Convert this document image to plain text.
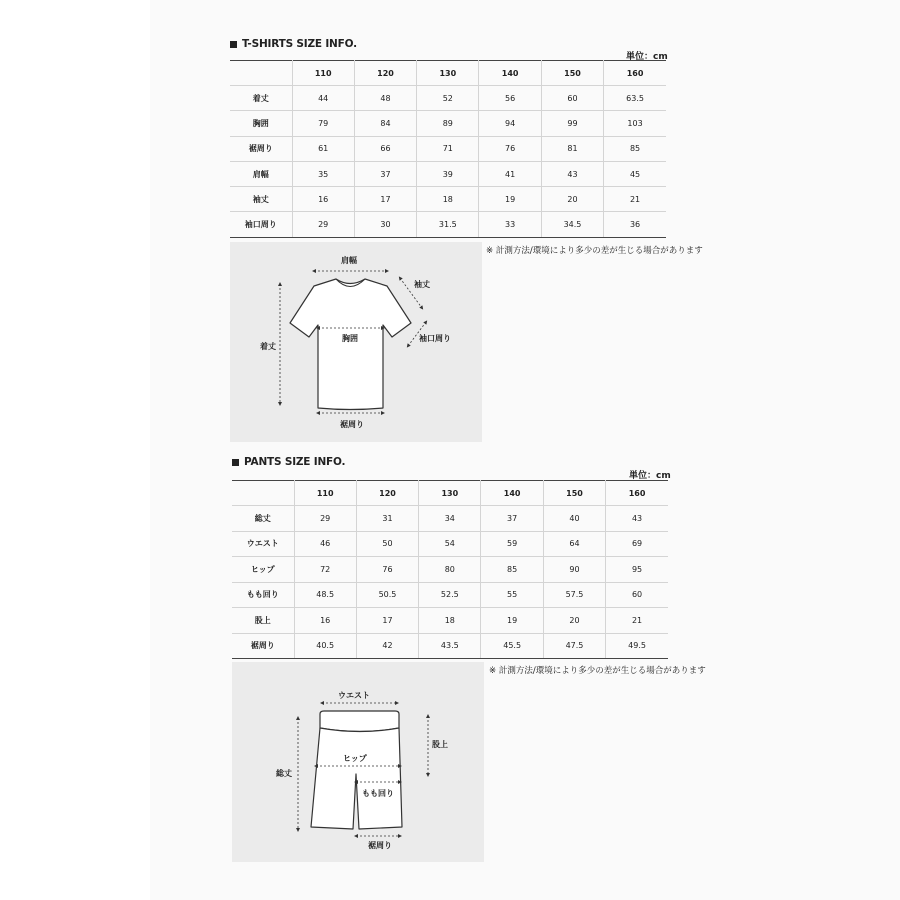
T-SHIRTS SIZE INFO.
単位：cm
	110	120	130	140	150	160
着丈	44	48	52	56	60	63.5
胸囲	79	84	89	94	99	103
裾周り	61	66	71	76	81	85
肩幅	35	37	39	41	43	45
袖丈	16	17	18	19	20	21
袖口周り	29	30	31.5	33	34.5	36
※ 計測方法/環境により多少の差が生じる場合があります
肩幅
袖丈
着丈
胸囲	袖口周り
裾周り
PANTS SIZE INFO.
単位：cm
	110	120	130	140	150	160
総丈	29	31	34	37	40	43
ウエスト	46	50	54	59	64	69
ヒップ	72	76	80	85	90	95
もも回り	48.5	50.5	52.5	55	57.5	60
股上	16	17	18	19	20	21
裾周り	40.5	42	43.5	45.5	47.5	49.5
※ 計測方法/環境により多少の差が生じる場合があります
ウエスト
股上
総丈
ヒップ
もも回り
裾周り
